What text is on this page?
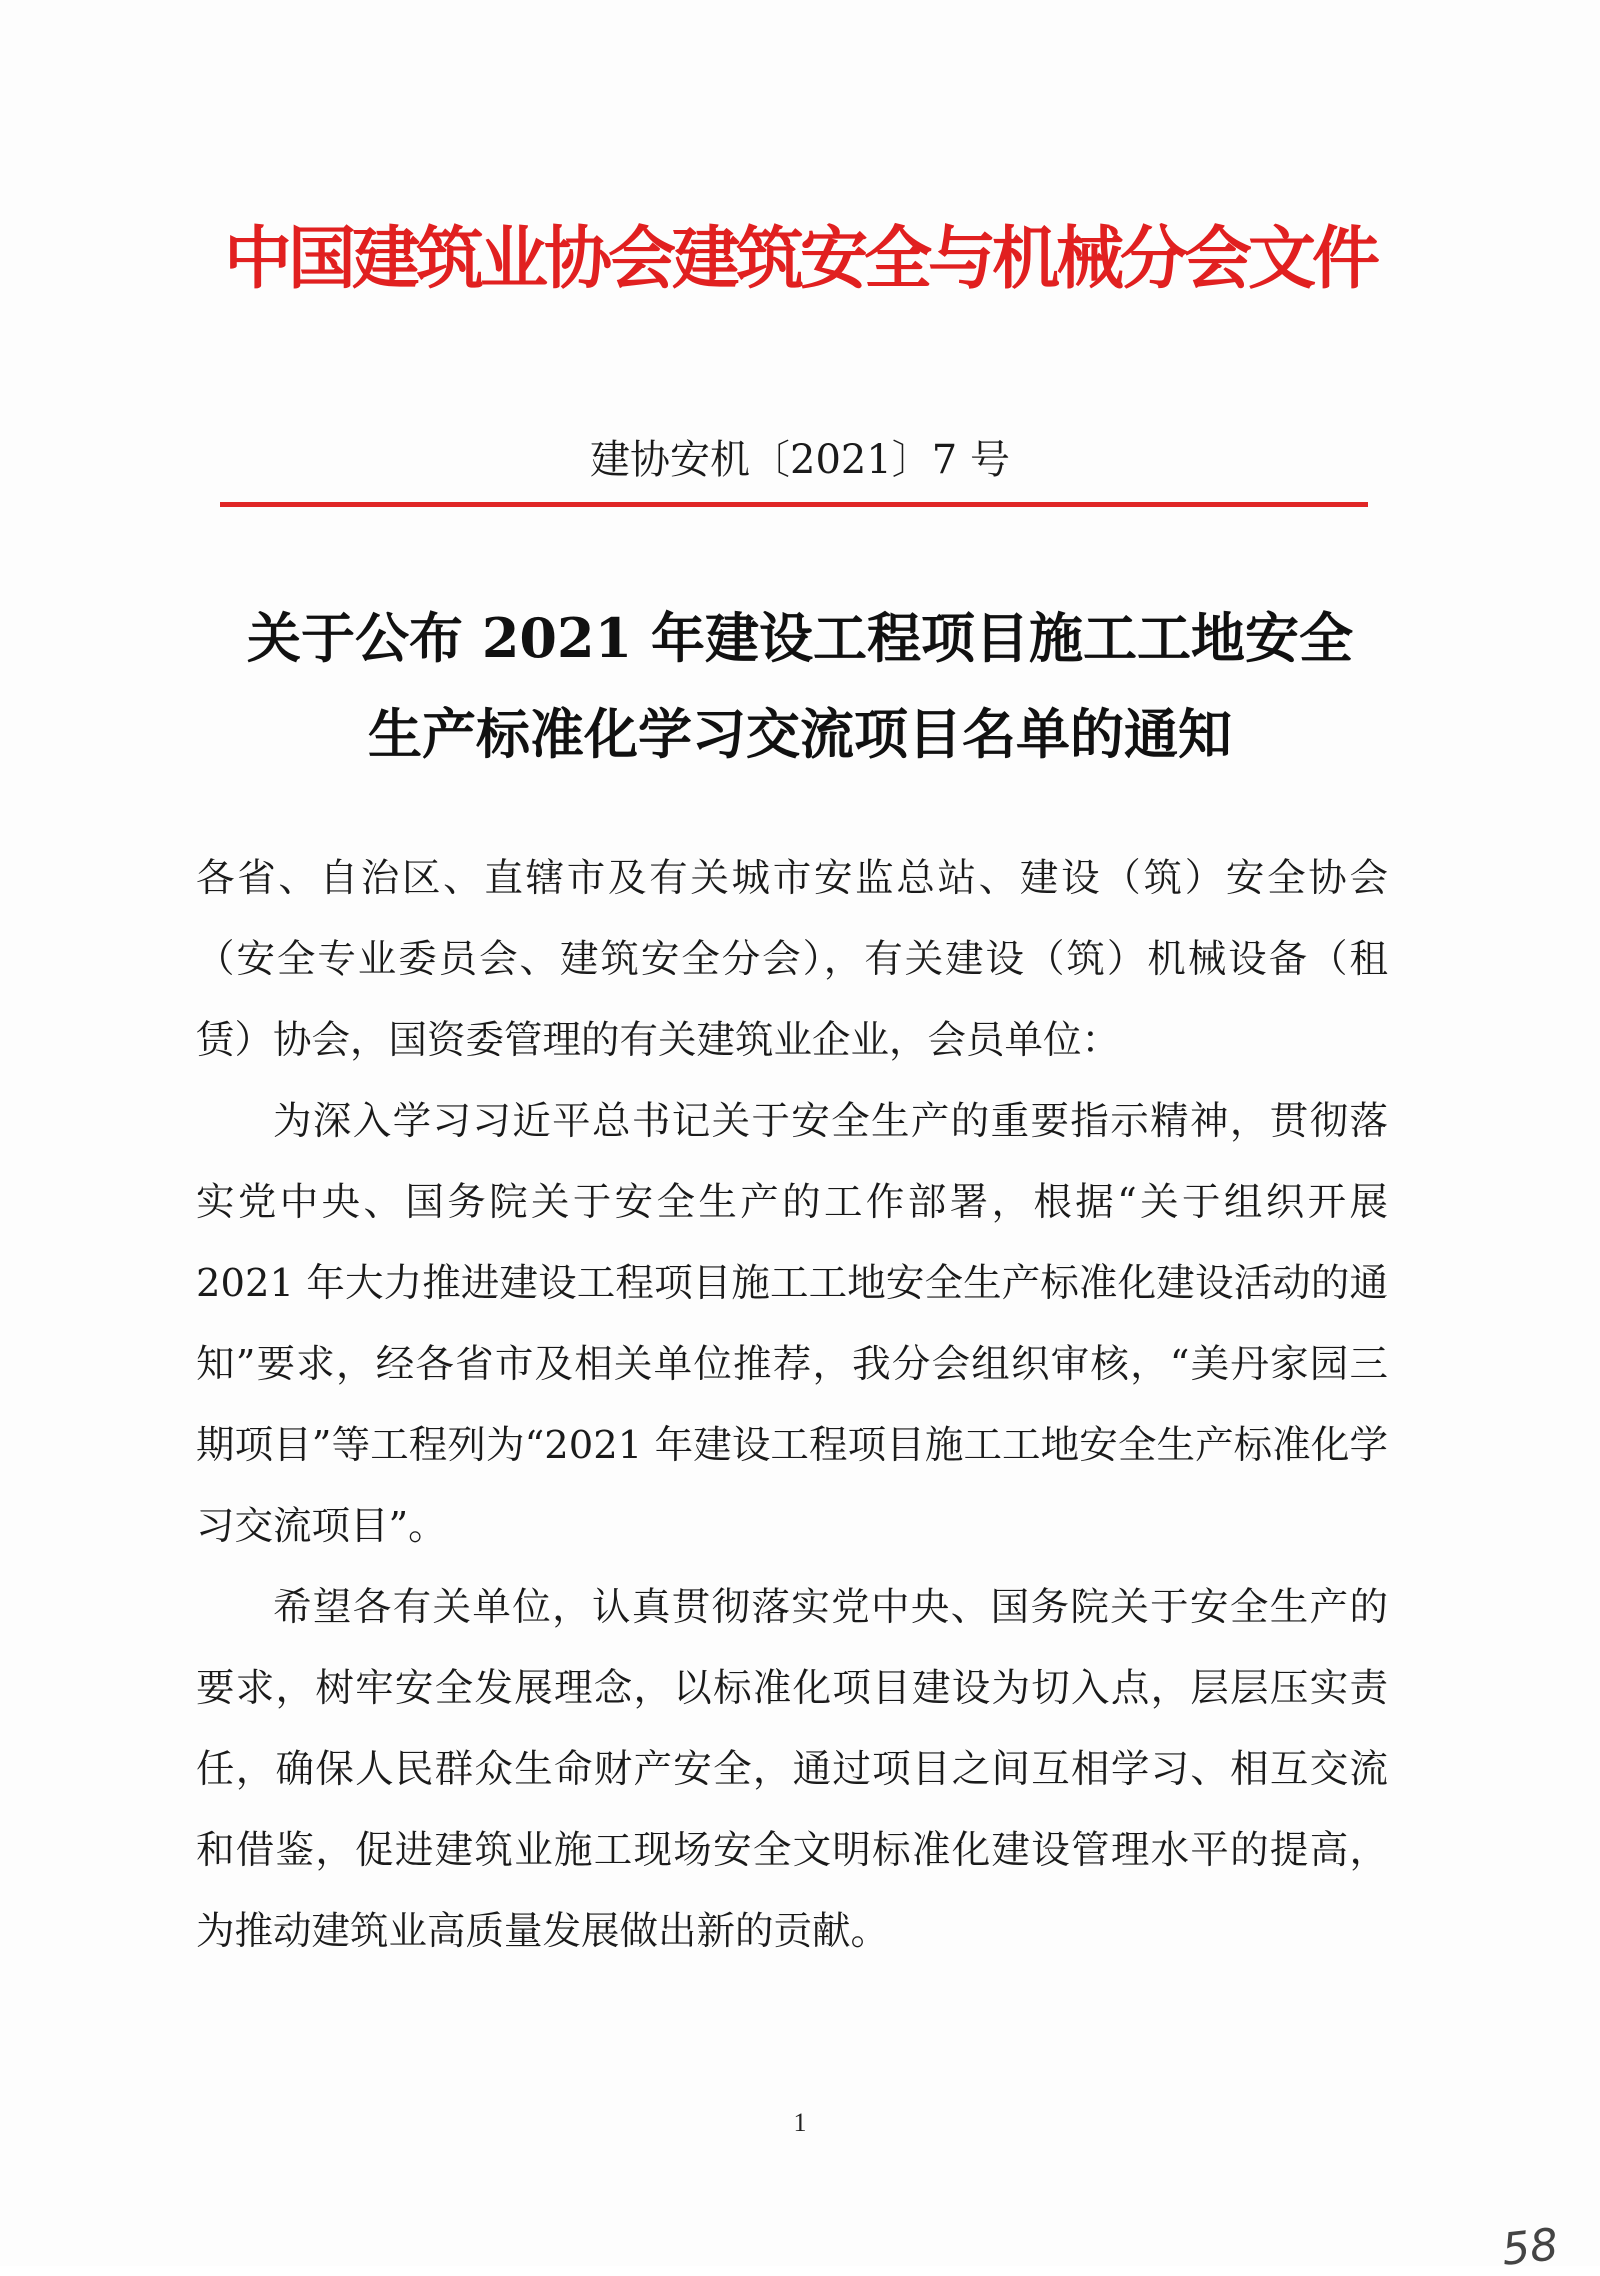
中国建筑业协会建筑安全与机械分会文件
建协安机〔2021〕7 号
关于公布 2021 年建设工程项目施工工地安全
生产标准化学习交流项目名单的通知

各省、自治区、直辖市及有关城市安监总站、建设（筑）安全协会（安全专业委员会、建筑安全分会），有关建设（筑）机械设备（租赁）协会，国资委管理的有关建筑业企业，会员单位：

为深入学习习近平总书记关于安全生产的重要指示精神，贯彻落实党中央、国务院关于安全生产的工作部署，根据“关于组织开展 2021 年大力推进建设工程项目施工工地安全生产标准化建设活动的通知”要求，经各省市及相关单位推荐，我分会组织审核，“美丹家园三期项目”等工程列为“2021 年建设工程项目施工工地安全生产标准化学习交流项目”。

希望各有关单位，认真贯彻落实党中央、国务院关于安全生产的要求，树牢安全发展理念，以标准化项目建设为切入点，层层压实责任，确保人民群众生命财产安全，通过项目之间互相学习、相互交流和借鉴，促进建筑业施工现场安全文明标准化建设管理水平的提高，为推动建筑业高质量发展做出新的贡献。

1
58
